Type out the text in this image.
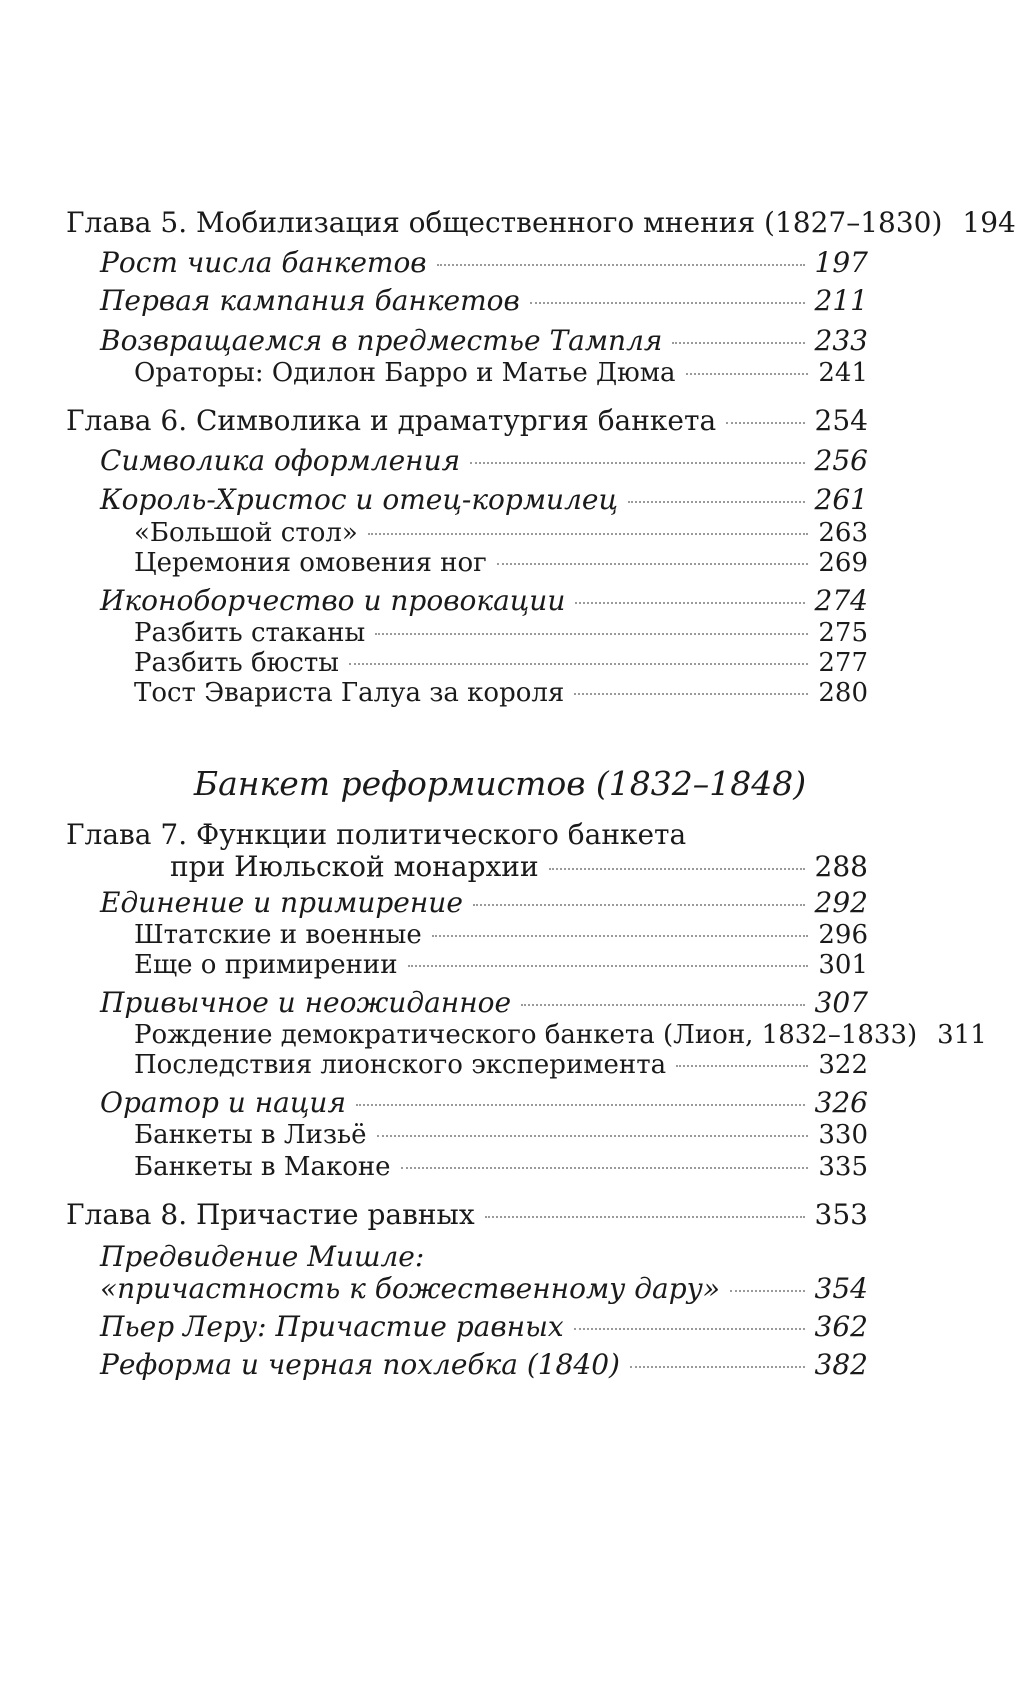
Глава 5. Мобилизация общественного мнения (1827–1830) 194
Рост числа банкетов	197
Первая кампания банкетов	211
Возвращаемся в предместье Тампля	233
Ораторы: Одилон Барро и Матье Дюма	241
Глава 6. Символика и драматургия банкета	254
Символика оформления	256
Король-Христос и отец-кормилец	261
«Большой стол»	263
Церемония омовения ног	269
Иконоборчество и провокации	274
Разбить стаканы	275
Разбить бюсты	277
Тост Эвариста Галуа за короля	280
Банкет реформистов (1832–1848)
Глава 7. Функции политического банкета
при Июльской монархии	288
Единение и примирение	292
Штатские и военные	296
Еще о примирении	301
Привычное и неожиданное	307
Рождение демократического банкета (Лион, 1832–1833) 311
Последствия лионского эксперимента	322
Оратор и нация	326
Банкеты в Лизьё	330
Банкеты в Маконе	335
Глава 8. Причастие равных	353
Предвидение Мишле:
«причастность к божественному дару»	354
Пьер Леру: Причастие равных	362
Реформа и черная похлебка (1840)	382
